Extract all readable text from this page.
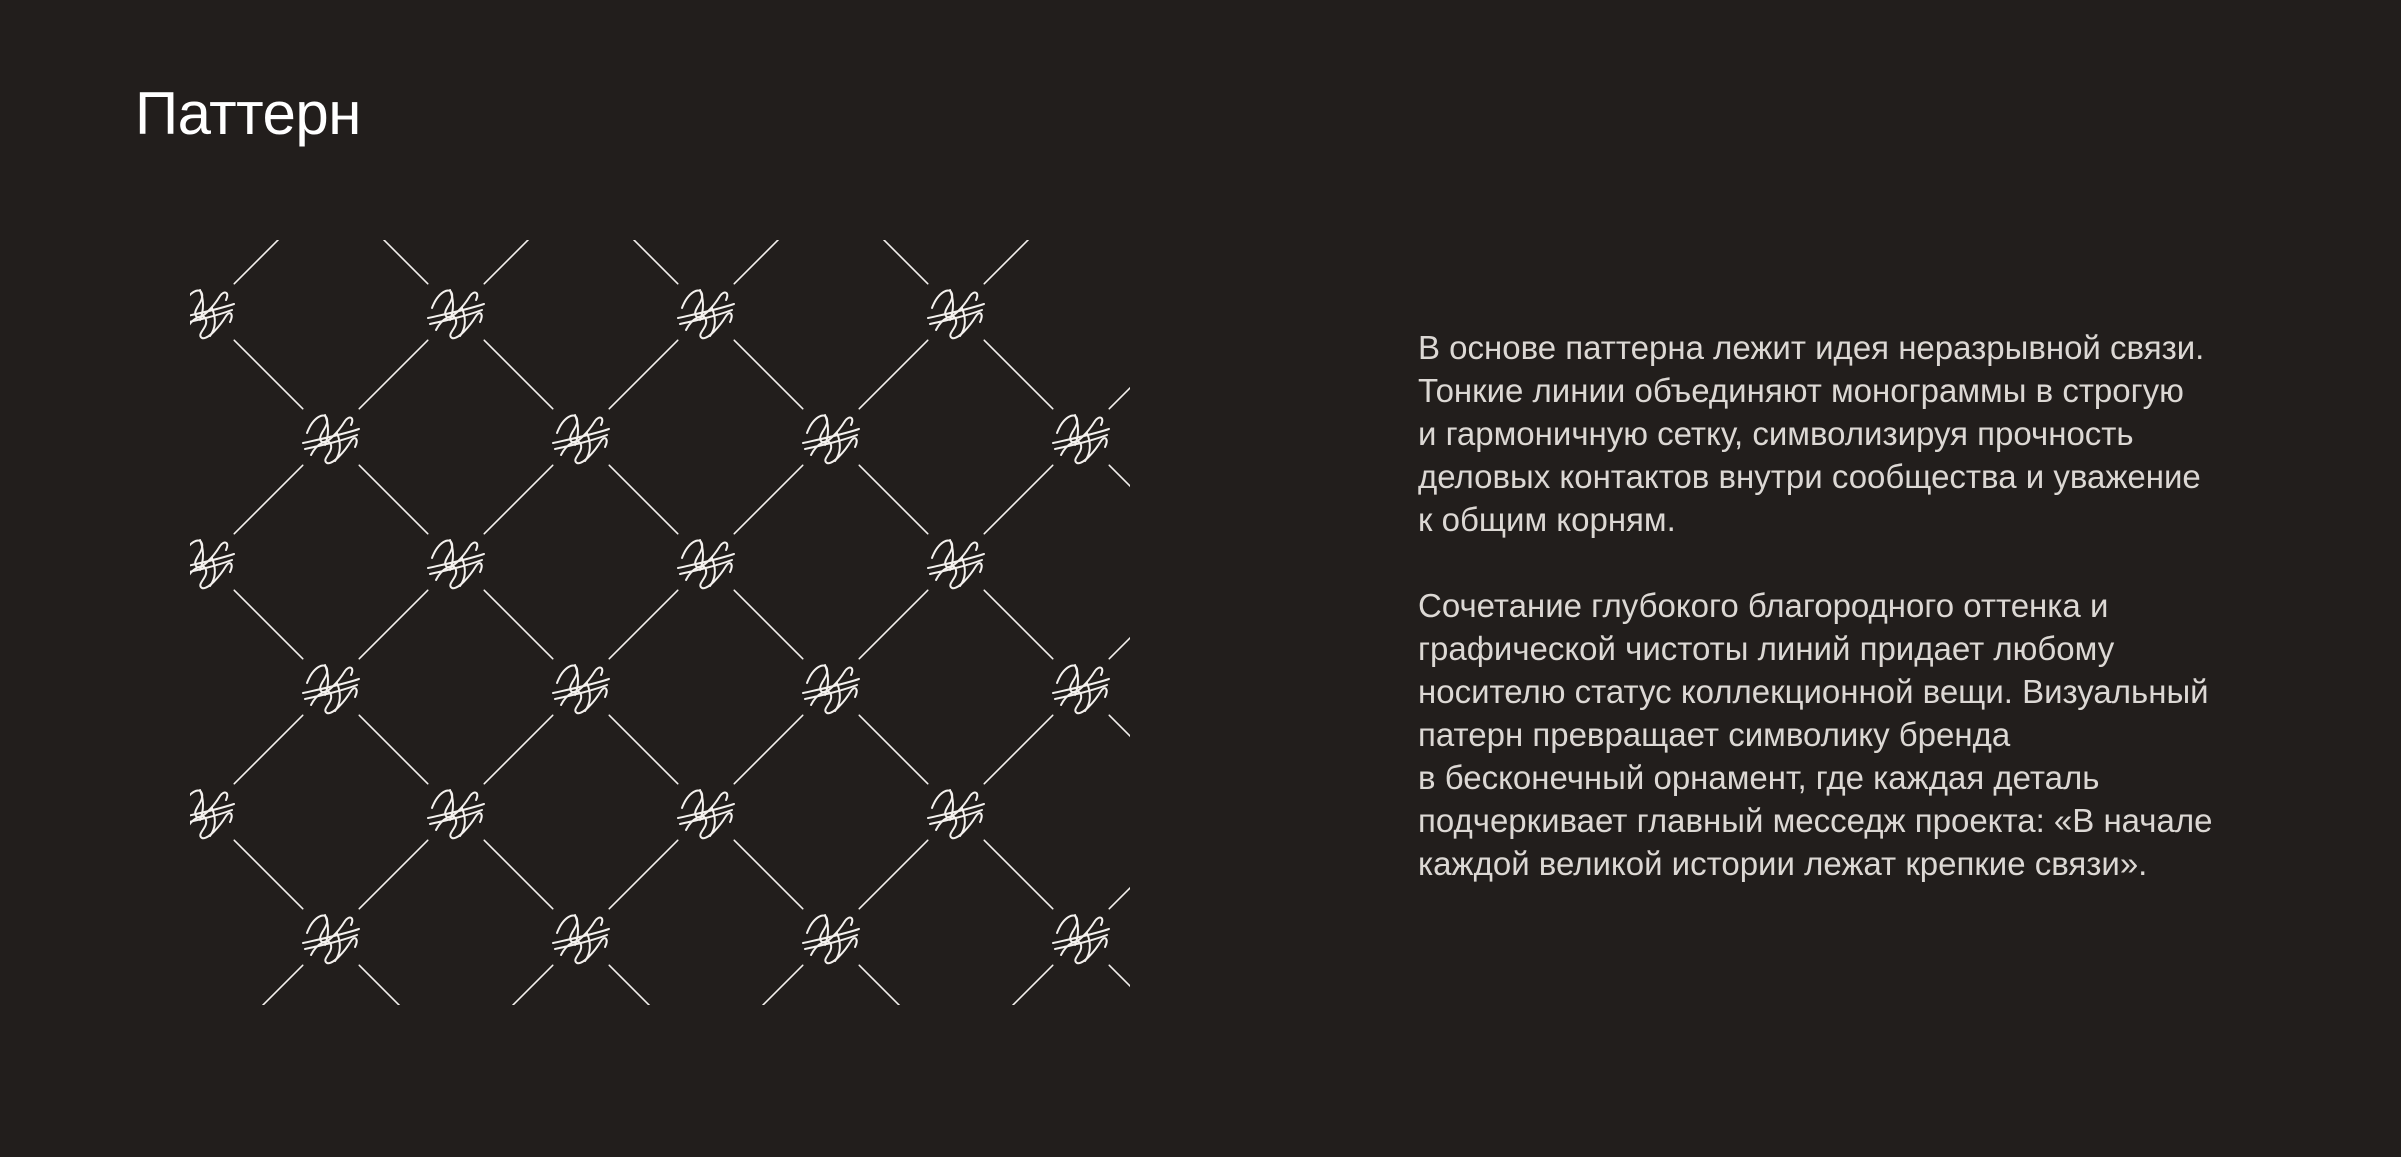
Паттерн

В основе паттерна лежит идея неразрывной связи.
Тонкие линии объединяют монограммы в строгую
и гармоничную сетку, символизируя прочность
деловых контактов внутри сообщества и уважение
к общим корням.

Сочетание глубокого благородного оттенка и
графической чистоты линий придает любому
носителю статус коллекционной вещи. Визуальный
патерн превращает символику бренда
в бесконечный орнамент, где каждая деталь
подчеркивает главный месседж проекта: «В начале
каждой великой истории лежат крепкие связи».
